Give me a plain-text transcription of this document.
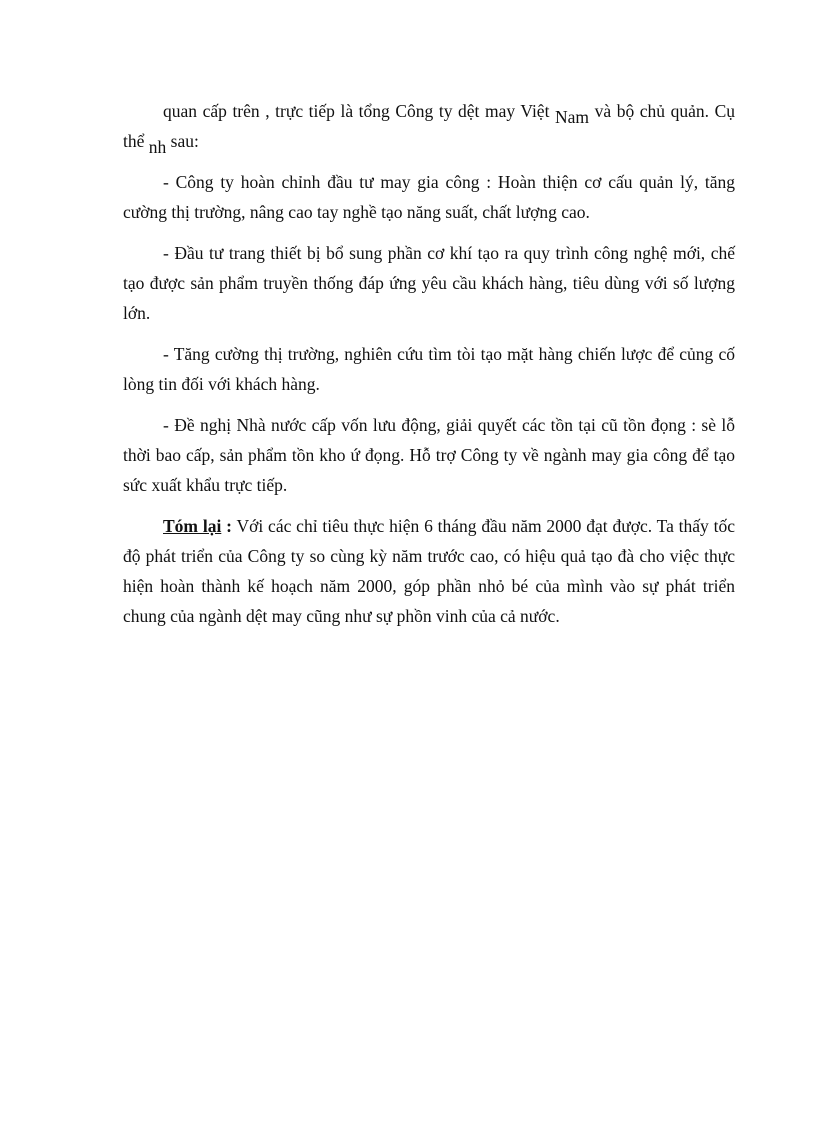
quan cấp trên , trực tiếp là tổng Công ty dệt may Việt Nam và bộ chủ quản. Cụ thể nh sau:

- Công ty hoàn chỉnh đầu tư may gia công : Hoàn thiện cơ cấu quản lý, tăng cường thị trường, nâng cao tay nghề tạo năng suất, chất lượng cao.

- Đầu tư trang thiết bị bổ sung phần cơ khí tạo ra quy trình công nghệ mới, chế tạo được sản phẩm truyền thống đáp ứng yêu cầu khách hàng, tiêu dùng với số lượng lớn.

- Tăng cường thị trường, nghiên cứu tìm tòi tạo mặt hàng chiến lược để củng cố lòng tin đối với khách hàng.

- Đề nghị Nhà nước cấp vốn lưu động, giải quyết các tồn tại cũ tồn đọng : sè lỗ thời bao cấp, sản phẩm tồn kho ứ đọng. Hỗ trợ Công ty về ngành may gia công để tạo sức xuất khẩu trực tiếp.

Tóm lại : Với các chỉ tiêu thực hiện 6 tháng đầu năm 2000 đạt được. Ta thấy tốc độ phát triển của Công ty so cùng kỳ năm trước cao, có hiệu quả tạo đà cho việc thực hiện hoàn thành kế hoạch năm 2000, góp phần nhỏ bé của mình vào sự phát triển chung của ngành dệt may cũng như sự phồn vinh của cả nước.
